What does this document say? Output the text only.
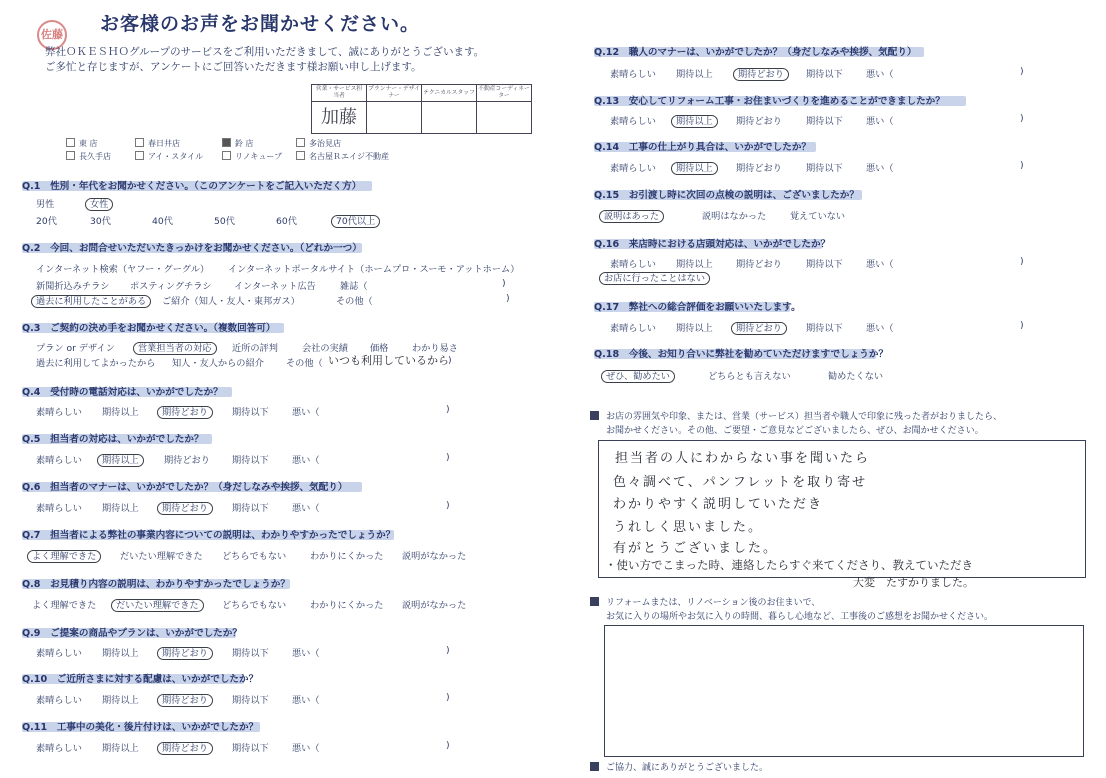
佐藤 お客様のお声をお聞かせください。
弊社ＯＫＥＳＨＯグループのサービスをご利用いただきまして、誠にありがとうございます。
ご多忙と存じますが、アンケートにご回答いただきます様お願い申し上げます。
営業・サービス担当者	プランナー・デザイナー	テクニカルスタッフ	不動産コーディネーター
加藤			
東 店	春日井店	鈴 店	多治見店
長久手店	アイ・スタイル	リノキューブ	名古屋Ｒエイジ不動産
Q.1　性別・年代をお聞かせください。（このアンケートをご記入いただく方）
男性	女性
20代	30代	40代	50代	60代	70代以上
Q.2　今回、お問合せいただいたきっかけをお聞かせください。（どれか一つ）
インターネット検索（ヤフー・グーグル） インターネットポータルサイト（ホームプロ・スーモ・アットホーム）
新聞折込みチラシ ポスティングチラシ インターネット広告	雑誌（	)
過去に利用したことがある	ご紹介（知人・友人・東邦ガス）	その他（	)
Q.3　ご契約の決め手をお聞かせください。（複数回答可）
プラン or デザイン	営業担当者の対応	近所の評判	会社の実績 価格	わかり易さ
過去に利用してよかったから 知人・友人からの紹介 その他（ いつも利用しているから )
Q.4　受付時の電話対応は、いかがでしたか？
素晴らしい 期待以上	期待どおり	期待以下	悪い（	)
Q.5　担当者の対応は、いかがでしたか？
素晴らしい 期待以上	期待どおり 期待以下	悪い（	)
Q.6　担当者のマナーは、いかがでしたか？（身だしなみや挨拶、気配り）
素晴らしい 期待以上	期待どおり	期待以下	悪い（	)
Q.7　担当者による弊社の事業内容についての説明は、わかりやすかったでしょうか？
よく理解できた	だいたい理解できた どちらでもない	わかりにくかった 説明がなかった
Q.8　お見積り内容の説明は、わかりやすかったでしょうか？
よく理解できた だいたい理解できた	どちらでもない	わかりにくかった 説明がなかった
Q.9　ご提案の商品やプランは、いかがでしたか？
素晴らしい 期待以上	期待どおり	期待以下	悪い（	)
Q.10　ご近所さまに対する配慮は、いかがでしたか？
素晴らしい 期待以上	期待どおり	期待以下	悪い（	)
Q.11　工事中の美化・後片付けは、いかがでしたか？
素晴らしい 期待以上	期待どおり	期待以下	悪い（	)
Q.12　職人のマナーは、いかがでしたか？（身だしなみや挨拶、気配り）
素晴らしい 期待以上	期待どおり	期待以下	悪い（	)
Q.13　安心してリフォーム工事・お住まいづくりを進めることができましたか？
素晴らしい 期待以上	期待どおり	期待以下	悪い（	)
Q.14　工事の仕上がり具合は、いかがでしたか？
素晴らしい 期待以上	期待どおり	期待以下	悪い（	)
Q.15　お引渡し時に次回の点検の説明は、ございましたか？
説明はあった	説明はなかった	覚えていない
Q.16　来店時における店頭対応は、いかがでしたか？
素晴らしい 期待以上	期待どおり	期待以下	悪い（	)
お店に行ったことはない
Q.17　弊社への総合評価をお願いいたします。
素晴らしい 期待以上	期待どおり	期待以下	悪い（	)
Q.18　今後、お知り合いに弊社を勧めていただけますでしょうか？
ぜひ、勧めたい	どちらとも言えない	勧めたくない
お店の雰囲気や印象、または、営業（サービス）担当者や職人で印象に残った者がおりましたら、
お聞かせください。その他、ご要望・ご意見などございましたら、ぜひ、お聞かせください。
担当者の人にわからない事を聞いたら
色々調べて、パンフレットを取り寄せ
わかりやすく説明していただき
うれしく思いました。
有がとうございました。
・使い方でこまった時、連絡したらすぐ来てくださり、教えていただき
大変　たすかりました。
リフォームまたは、リノベーション後のお住まいで、
お気に入りの場所やお気に入りの時間、暮らし心地など、工事後のご感想をお聞かせください。
ご協力、誠にありがとうございました。
